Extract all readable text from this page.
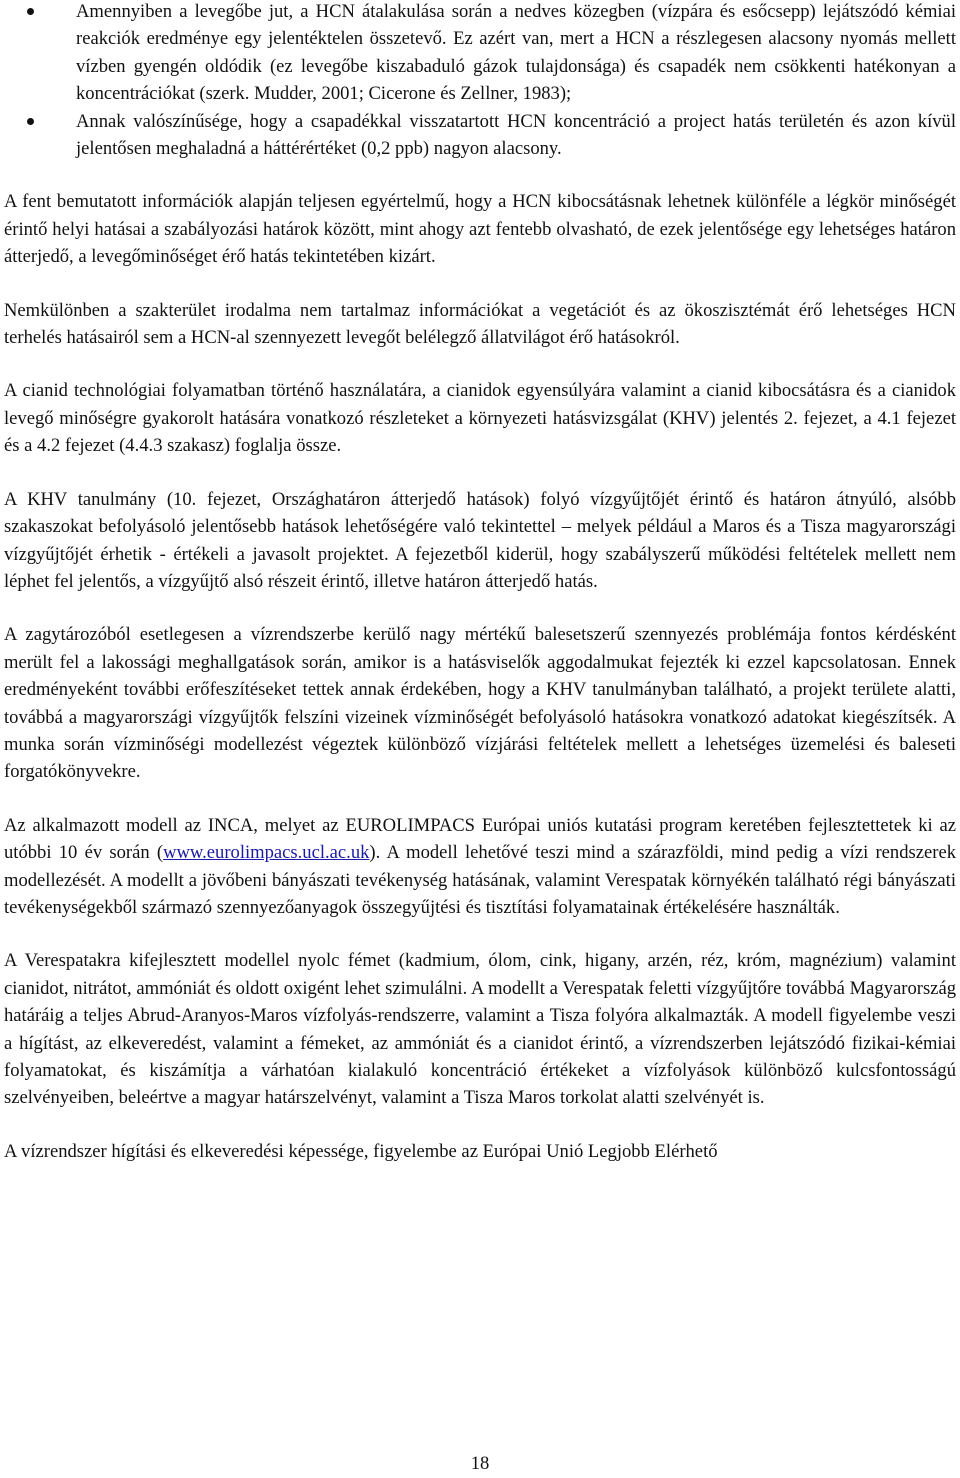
Amennyiben a levegőbe jut, a HCN átalakulása során a nedves közegben (vízpára és esőcsepp) lejátszódó kémiai reakciók eredménye egy jelentéktelen összetevő. Ez azért van, mert a HCN a részlegesen alacsony nyomás mellett vízben gyengén oldódik (ez levegőbe kiszabaduló gázok tulajdonsága) és csapadék nem csökkenti hatékonyan a koncentrációkat (szerk. Mudder, 2001; Cicerone és Zellner, 1983);
Annak valószínűsége, hogy a csapadékkal visszatartott HCN koncentráció a project hatás területén és azon kívül jelentősen meghaladná a háttérértéket (0,2 ppb) nagyon alacsony.

A fent bemutatott információk alapján teljesen egyértelmű, hogy a HCN kibocsátásnak lehetnek különféle a légkör minőségét érintő helyi hatásai a szabályozási határok között, mint ahogy azt fentebb olvasható, de ezek jelentősége egy lehetséges határon átterjedő, a levegőminőséget érő hatás tekintetében kizárt.

Nemkülönben a szakterület irodalma nem tartalmaz információkat a vegetációt és az ökoszisztémát érő lehetséges HCN terhelés hatásairól sem a HCN-al szennyezett levegőt belélegző állatvilágot érő hatásokról.

A cianid technológiai folyamatban történő használatára, a cianidok egyensúlyára valamint a cianid kibocsátásra és a cianidok levegő minőségre gyakorolt hatására vonatkozó részleteket a környezeti hatásvizsgálat (KHV) jelentés 2. fejezet, a 4.1 fejezet és a 4.2 fejezet (4.4.3 szakasz) foglalja össze.

A KHV tanulmány (10. fejezet, Országhatáron átterjedő hatások) folyó vízgyűjtőjét érintő és határon átnyúló, alsóbb szakaszokat befolyásoló jelentősebb hatások lehetőségére való tekintettel – melyek például a Maros és a Tisza magyarországi vízgyűjtőjét érhetik - értékeli a javasolt projektet. A fejezetből kiderül, hogy szabályszerű működési feltételek mellett nem léphet fel jelentős, a vízgyűjtő alsó részeit érintő, illetve határon átterjedő hatás.

A zagytározóból esetlegesen a vízrendszerbe kerülő nagy mértékű balesetszerű szennyezés problémája fontos kérdésként merült fel a lakossági meghallgatások során, amikor is a hatásviselők aggodalmukat fejezték ki ezzel kapcsolatosan. Ennek eredményeként további erőfeszítéseket tettek annak érdekében, hogy a KHV tanulmányban található, a projekt területe alatti, továbbá a magyarországi vízgyűjtők felszíni vizeinek vízminőségét befolyásoló hatásokra vonatkozó adatokat kiegészítsék. A munka során vízminőségi modellezést végeztek különböző vízjárási feltételek mellett a lehetséges üzemelési és baleseti forgatókönyvekre.

Az alkalmazott modell az INCA, melyet az EUROLIMPACS Európai uniós kutatási program keretében fejlesztettetek ki az utóbbi 10 év során (www.eurolimpacs.ucl.ac.uk). A modell lehetővé teszi mind a szárazföldi, mind pedig a vízi rendszerek modellezését. A modellt a jövőbeni bányászati tevékenység hatásának, valamint Verespatak környékén található régi bányászati tevékenységekből származó szennyezőanyagok összegyűjtési és tisztítási folyamatainak értékelésére használták.

A Verespatakra kifejlesztett modellel nyolc fémet (kadmium, ólom, cink, higany, arzén, réz, króm, magnézium) valamint cianidot, nitrátot, ammóniát és oldott oxigént lehet szimulálni. A modellt a Verespatak feletti vízgyűjtőre továbbá Magyarország határáig a teljes Abrud-Aranyos-Maros vízfolyás-rendszerre, valamint a Tisza folyóra alkalmazták. A modell figyelembe veszi a hígítást, az elkeveredést, valamint a fémeket, az ammóniát és a cianidot érintő, a vízrendszerben lejátszódó fizikai-kémiai folyamatokat, és kiszámítja a várhatóan kialakuló koncentráció értékeket a vízfolyások különböző kulcsfontosságú szelvényeiben, beleértve a magyar határszelvényt, valamint a Tisza Maros torkolat alatti szelvényét is.

A vízrendszer hígítási és elkeveredési képessége, figyelembe az Európai Unió Legjobb Elérhető

18
